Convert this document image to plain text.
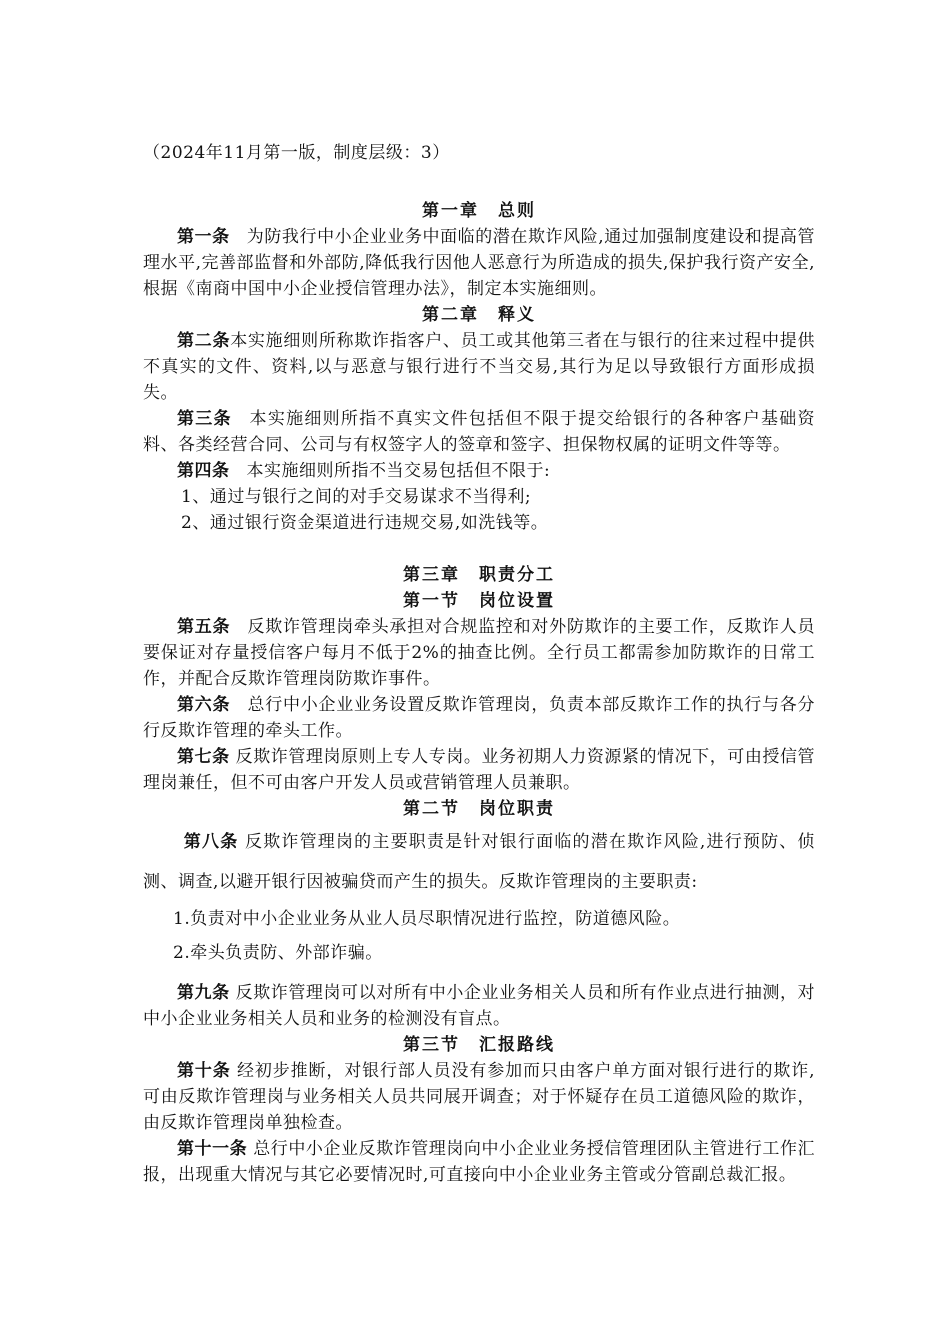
（2024年11月第一版，制度层级：3）
第一章　总则
第一条 为防我行中小企业业务中面临的潜在欺诈风险,通过加强制度建设和提高管理水平,完善部监督和外部防,降低我行因他人恶意行为所造成的损失,保护我行资产安全,根据《南商中国中小企业授信管理办法》，制定本实施细则。
第二章　释义
第二条本实施细则所称欺诈指客户、员工或其他第三者在与银行的往来过程中提供不真实的文件、资料,以与恶意与银行进行不当交易,其行为足以导致银行方面形成损失。
第三条 本实施细则所指不真实文件包括但不限于提交给银行的各种客户基础资料、各类经营合同、公司与有权签字人的签章和签字、担保物权属的证明文件等等。
第四条 本实施细则所指不当交易包括但不限于:
1、通过与银行之间的对手交易谋求不当得利;
2、通过银行资金渠道进行违规交易,如洗钱等。
第三章　职责分工
第一节　岗位设置
第五条 反欺诈管理岗牵头承担对合规监控和对外防欺诈的主要工作，反欺诈人员要保证对存量授信客户每月不低于2%的抽查比例。全行员工都需参加防欺诈的日常工作，并配合反欺诈管理岗防欺诈事件。
第六条 总行中小企业业务设置反欺诈管理岗，负责本部反欺诈工作的执行与各分行反欺诈管理的牵头工作。
第七条 反欺诈管理岗原则上专人专岗。业务初期人力资源紧的情况下，可由授信管理岗兼任，但不可由客户开发人员或营销管理人员兼职。
第二节　岗位职责
第八条 反欺诈管理岗的主要职责是针对银行面临的潜在欺诈风险,进行预防、侦测、调查,以避开银行因被骗贷而产生的损失。反欺诈管理岗的主要职责:
1.负责对中小企业业务从业人员尽职情况进行监控，防道德风险。
2.牵头负责防、外部诈骗。
第九条 反欺诈管理岗可以对所有中小企业业务相关人员和所有作业点进行抽测，对中小企业业务相关人员和业务的检测没有盲点。
第三节　汇报路线
第十条 经初步推断，对银行部人员没有参加而只由客户单方面对银行进行的欺诈,可由反欺诈管理岗与业务相关人员共同展开调查；对于怀疑存在员工道德风险的欺诈，由反欺诈管理岗单独检查。
第十一条 总行中小企业反欺诈管理岗向中小企业业务授信管理团队主管进行工作汇报，出现重大情况与其它必要情况时,可直接向中小企业业务主管或分管副总裁汇报。
